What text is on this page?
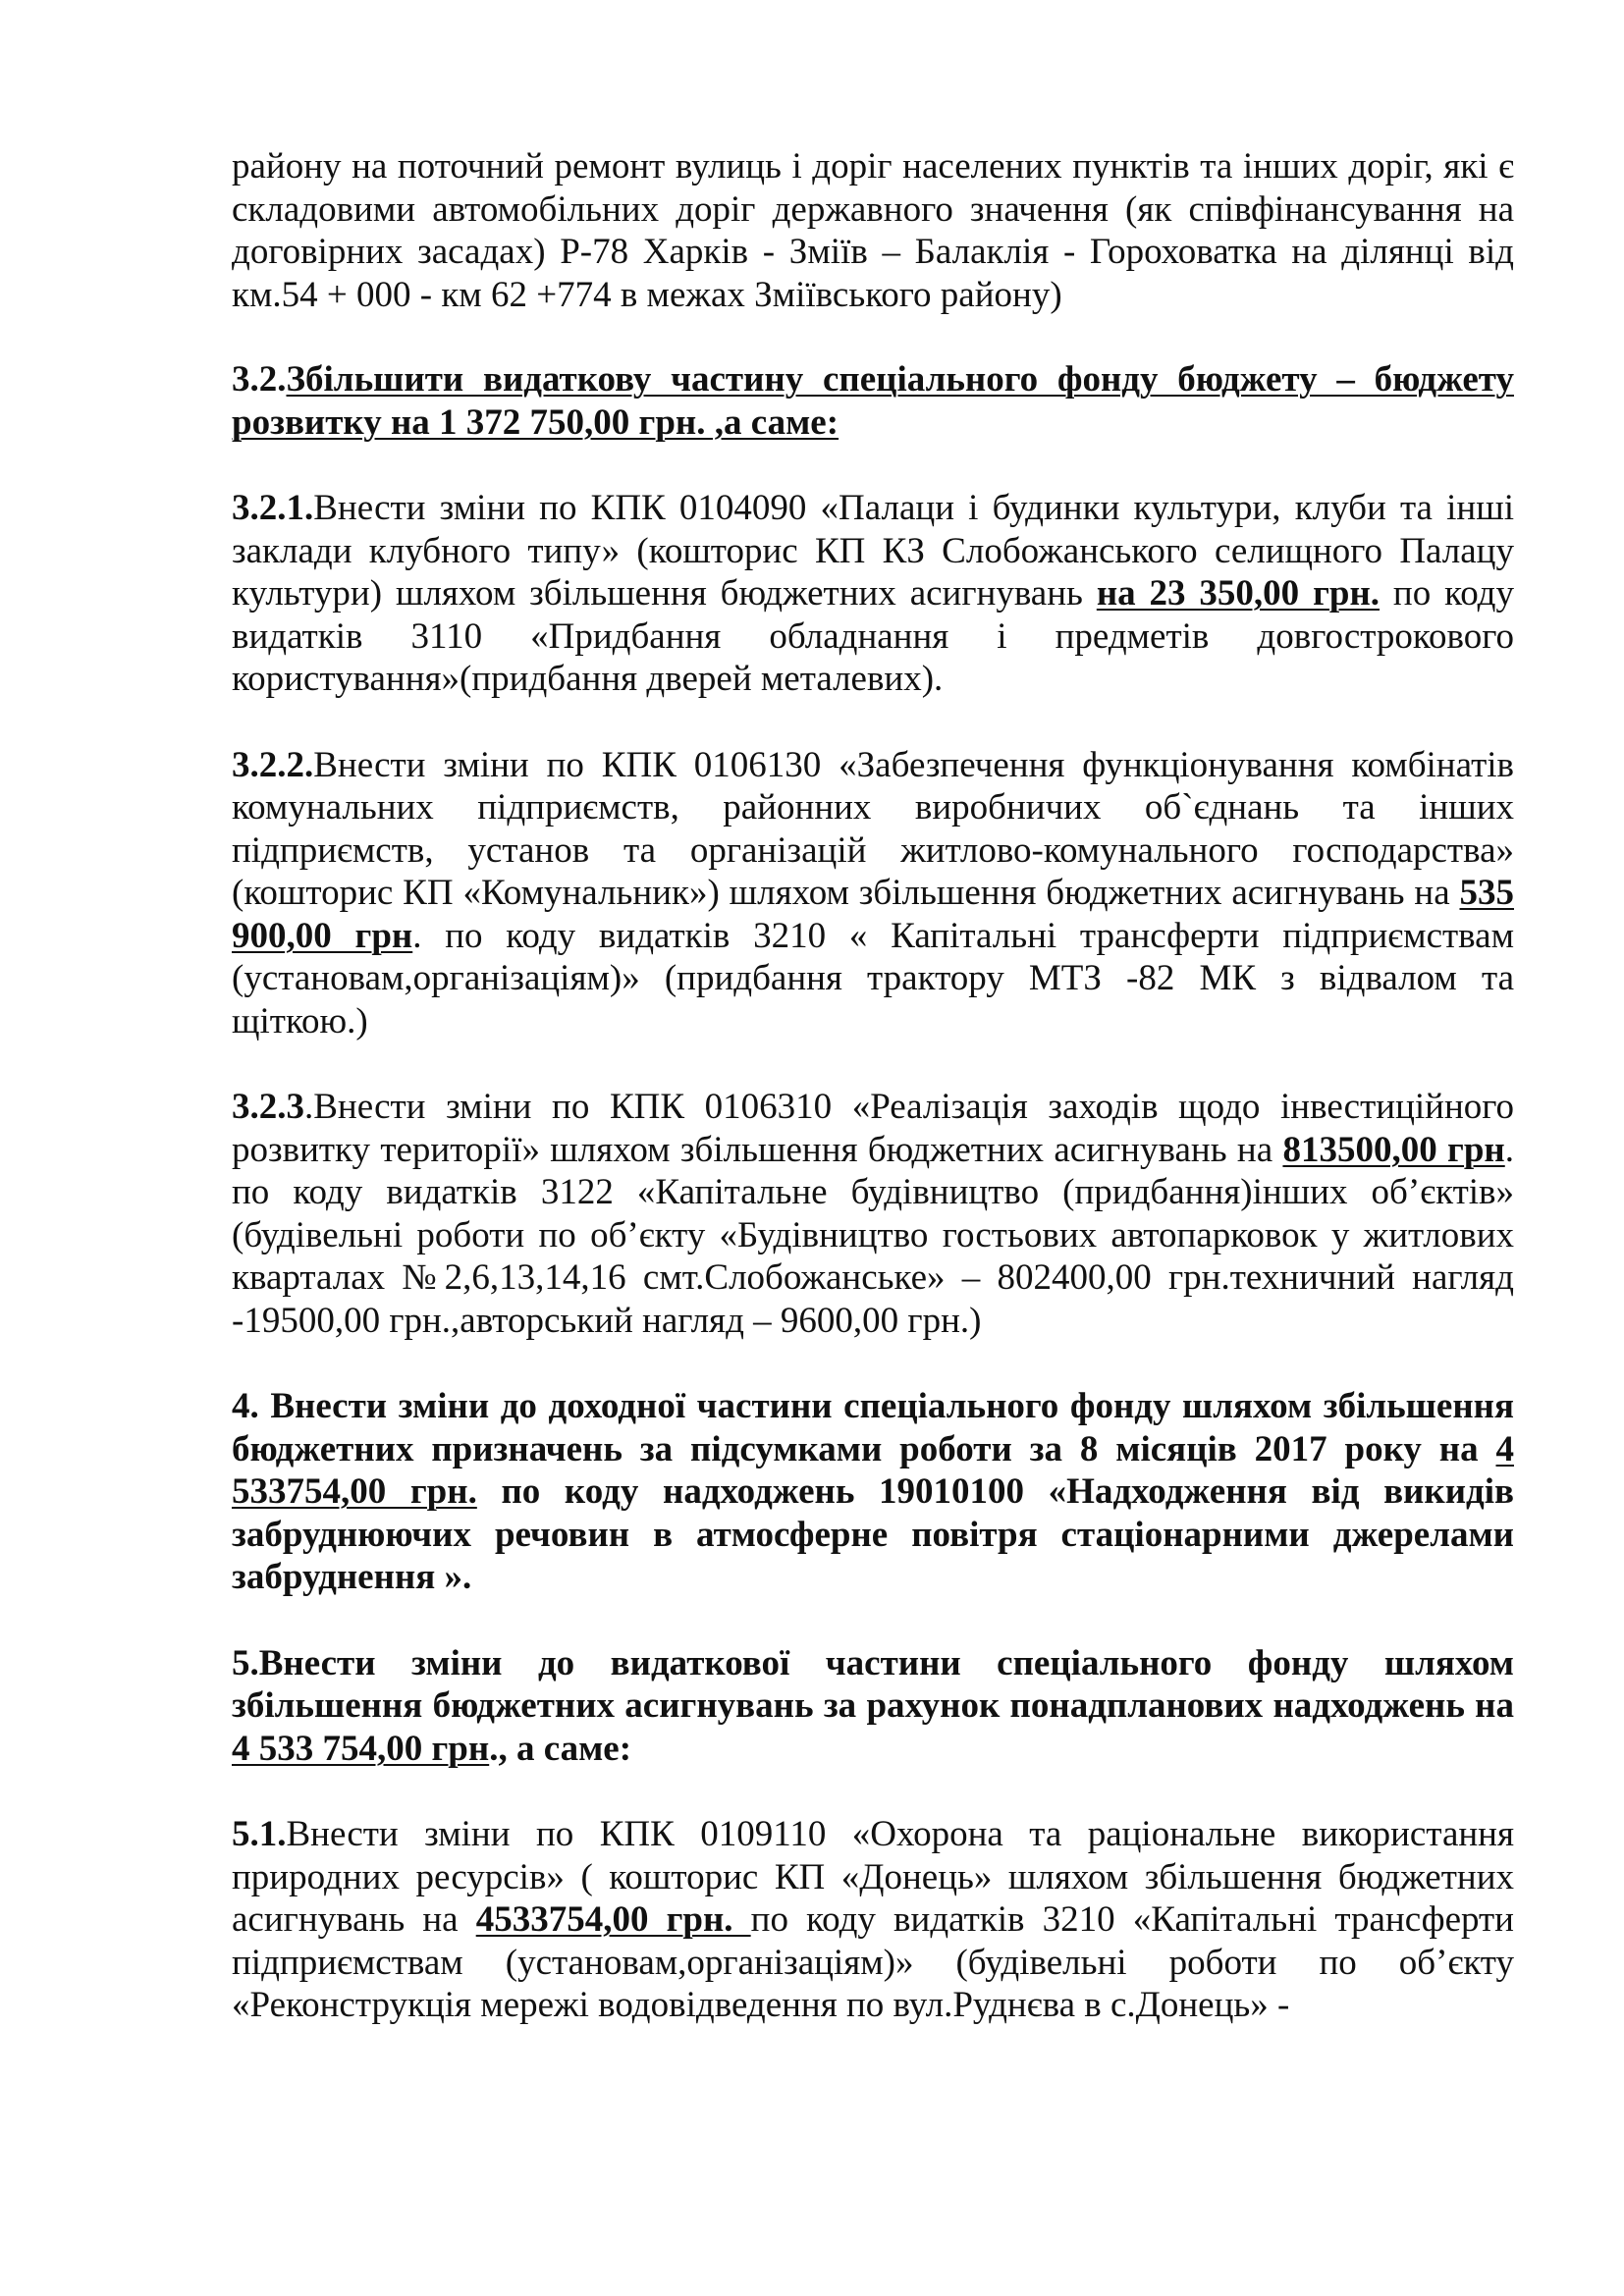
району на поточний ремонт вулиць і доріг населених пунктів та інших доріг, які є складовими автомобільних доріг державного значення (як співфінансування на договірних засадах) Р-78 Харків - Зміїв – Балаклія - Гороховатка на ділянці від км.54 + 000 - км 62 +774 в межах Зміївського району)

3.2.Збільшити видаткову частину спеціального фонду бюджету – бюджету розвитку на 1 372 750,00 грн. ,а саме:

3.2.1.Внести зміни по КПК 0104090 «Палаци і будинки культури, клуби та інші заклади клубного типу» (кошторис КП КЗ Слобожанського селищного Палацу культури) шляхом збільшення бюджетних асигнувань на 23 350,00 грн. по коду видатків 3110 «Придбання обладнання і предметів довгострокового користування»(придбання дверей металевих).

3.2.2.Внести зміни по КПК 0106130 «Забезпечення функціонування комбінатів комунальних підприємств, районних виробничих об`єднань та інших підприємств, установ та організацій житлово-комунального господарства» (кошторис КП «Комунальник») шляхом збільшення бюджетних асигнувань на 535 900,00 грн. по коду видатків 3210 « Капітальні трансферти підприємствам (установам,організаціям)» (придбання трактору МТЗ -82 МК з відвалом та щіткою.)

3.2.3.Внести зміни по КПК 0106310 «Реалізація заходів щодо інвестиційного розвитку території» шляхом збільшення бюджетних асигнувань на 813500,00 грн. по коду видатків 3122 «Капітальне будівництво (придбання)інших об’єктів» (будівельні роботи по об’єкту «Будівництво гостьових автопарковок у житлових кварталах №2,6,13,14,16 смт.Слобожанське» – 802400,00 грн.техничний нагляд -19500,00 грн.,авторський нагляд – 9600,00 грн.)

4. Внести зміни до доходної частини спеціального фонду шляхом збільшення бюджетних призначень за підсумками роботи за 8 місяців 2017 року на 4 533754,00 грн. по коду надходжень 19010100 «Надходження від викидів забруднюючих речовин в атмосферне повітря стаціонарними джерелами забруднення ».

5.Внести зміни до видаткової частини спеціального фонду шляхом збільшення бюджетних асигнувань за рахунок понадпланових надходжень на 4 533 754,00 грн., а саме:

5.1.Внести зміни по КПК 0109110 «Охорона та раціональне використання природних ресурсів» ( кошторис КП «Донець» шляхом збільшення бюджетних асигнувань на 4533754,00 грн. по коду видатків 3210 «Капітальні трансферти підприємствам (установам,організаціям)» (будівельні роботи по об’єкту «Реконструкція мережі водовідведення по вул.Руднєва в с.Донець» -
